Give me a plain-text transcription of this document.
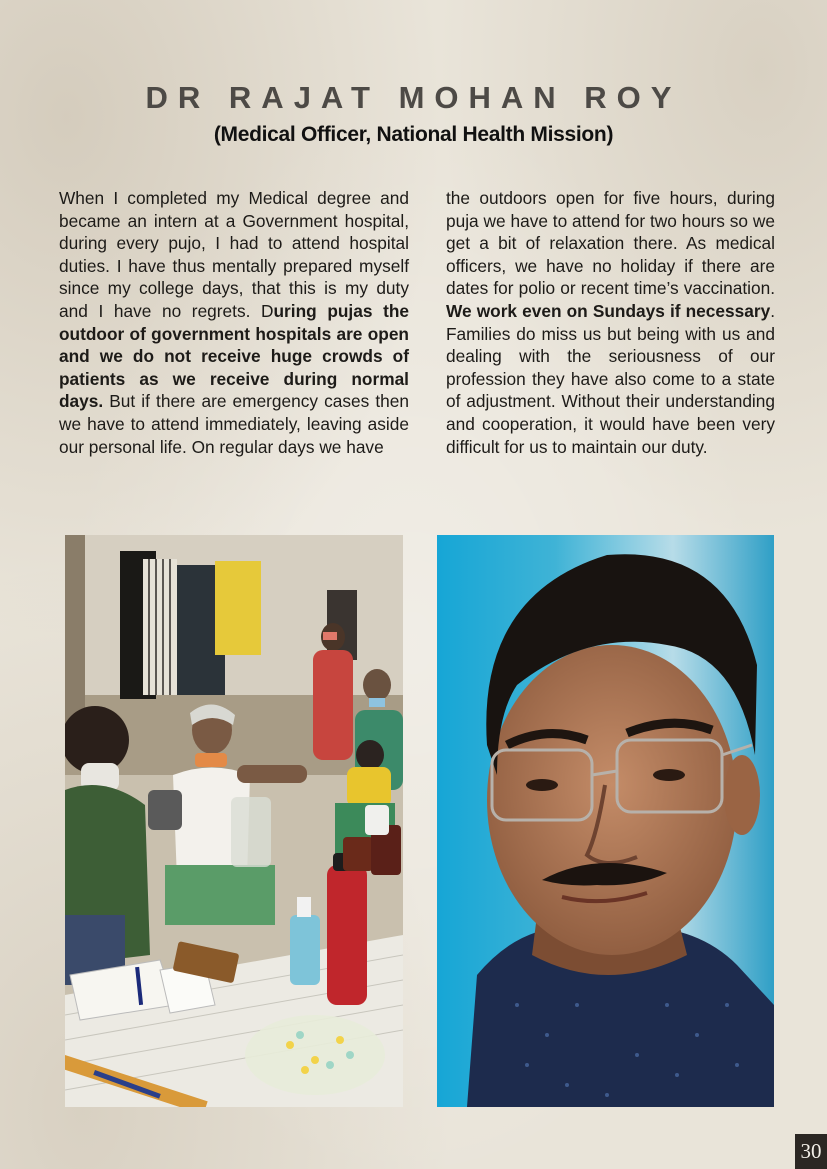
DR RAJAT MOHAN ROY
(Medical Officer, National Health Mission)
When I completed my Medical degree and became an intern at a Government hospital, during every pujo, I had to attend hospital duties. I have thus mentally prepared myself since my college days, that this is my duty and I have no regrets. During pujas the outdoor of government hospitals are open and we do not receive huge crowds of patients as we receive during normal days. But if there are emergency cases then we have to attend immediately, leaving aside our personal life. On regular days we have
the outdoors open for five hours, during puja we have to attend for two hours so we get a bit of relaxation there. As medical officers, we have no holiday if there are dates for polio or recent time’s vaccination. We work even on Sundays if necessary. Families do miss us but being with us and dealing with the seriousness of our profession they have also come to a state of adjustment. Without their understanding and cooperation, it would have been very difficult for us to maintain our duty.
30
